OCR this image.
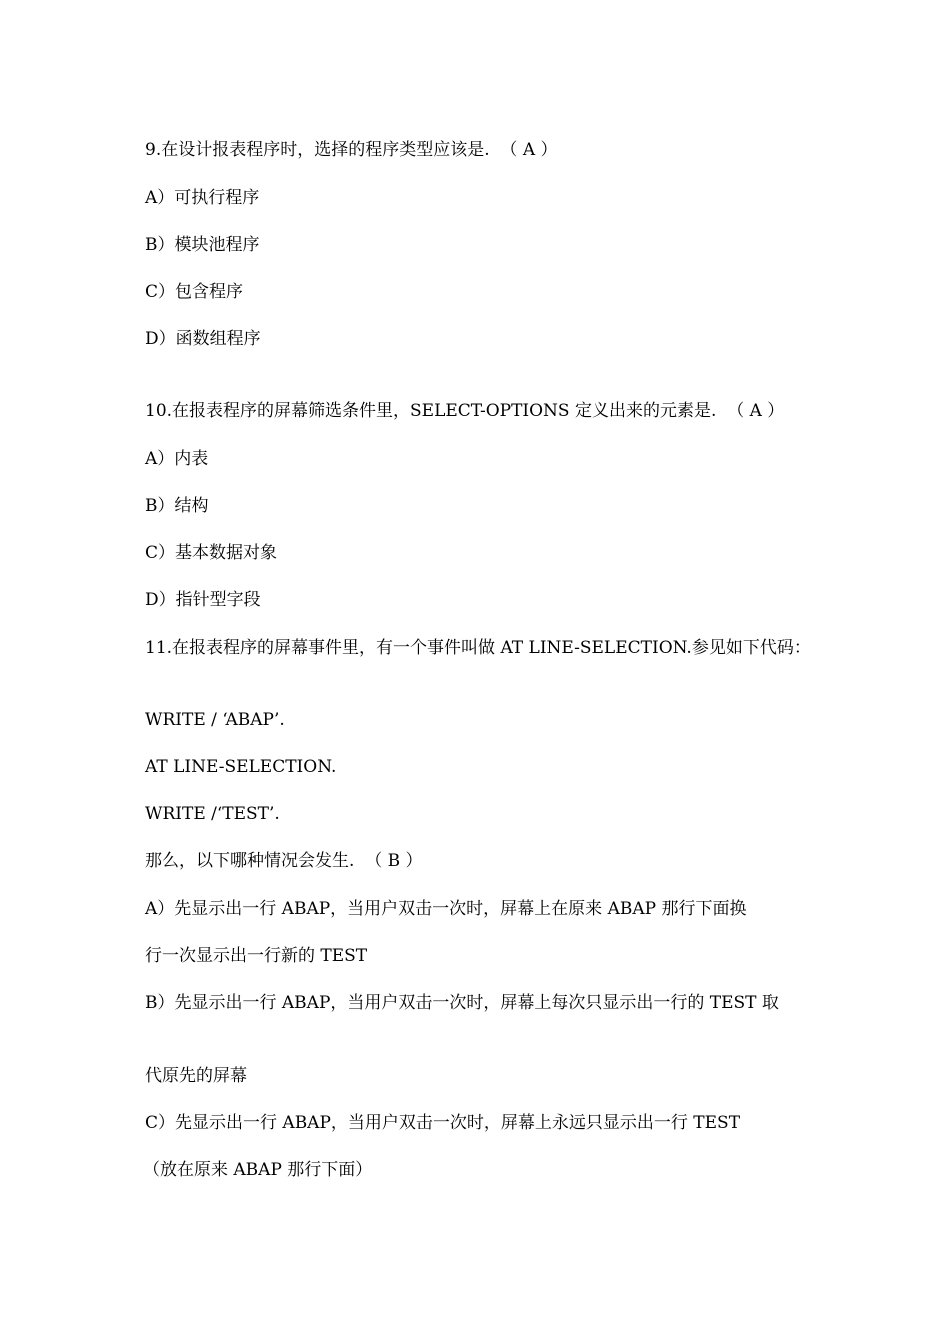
9.在设计报表程序时，选择的程序类型应该是.  （ A ）
A）可执行程序
B）模块池程序
C）包含程序
D）函数组程序
10.在报表程序的屏幕筛选条件里，SELECT-OPTIONS 定义出来的元素是.  （ A ）
A）内表
B）结构
C）基本数据对象
D）指针型字段
11.在报表程序的屏幕事件里，有一个事件叫做 AT LINE-SELECTION.参见如下代码：
WRITE / ‘ABAP’.
AT LINE-SELECTION.
WRITE /‘TEST’.
那么，以下哪种情况会发生.  （ B ）
A）先显示出一行 ABAP，当用户双击一次时，屏幕上在原来 ABAP 那行下面换
行一次显示出一行新的 TEST
B）先显示出一行 ABAP，当用户双击一次时，屏幕上每次只显示出一行的 TEST 取
代原先的屏幕
C）先显示出一行 ABAP，当用户双击一次时，屏幕上永远只显示出一行 TEST
（放在原来 ABAP 那行下面）
